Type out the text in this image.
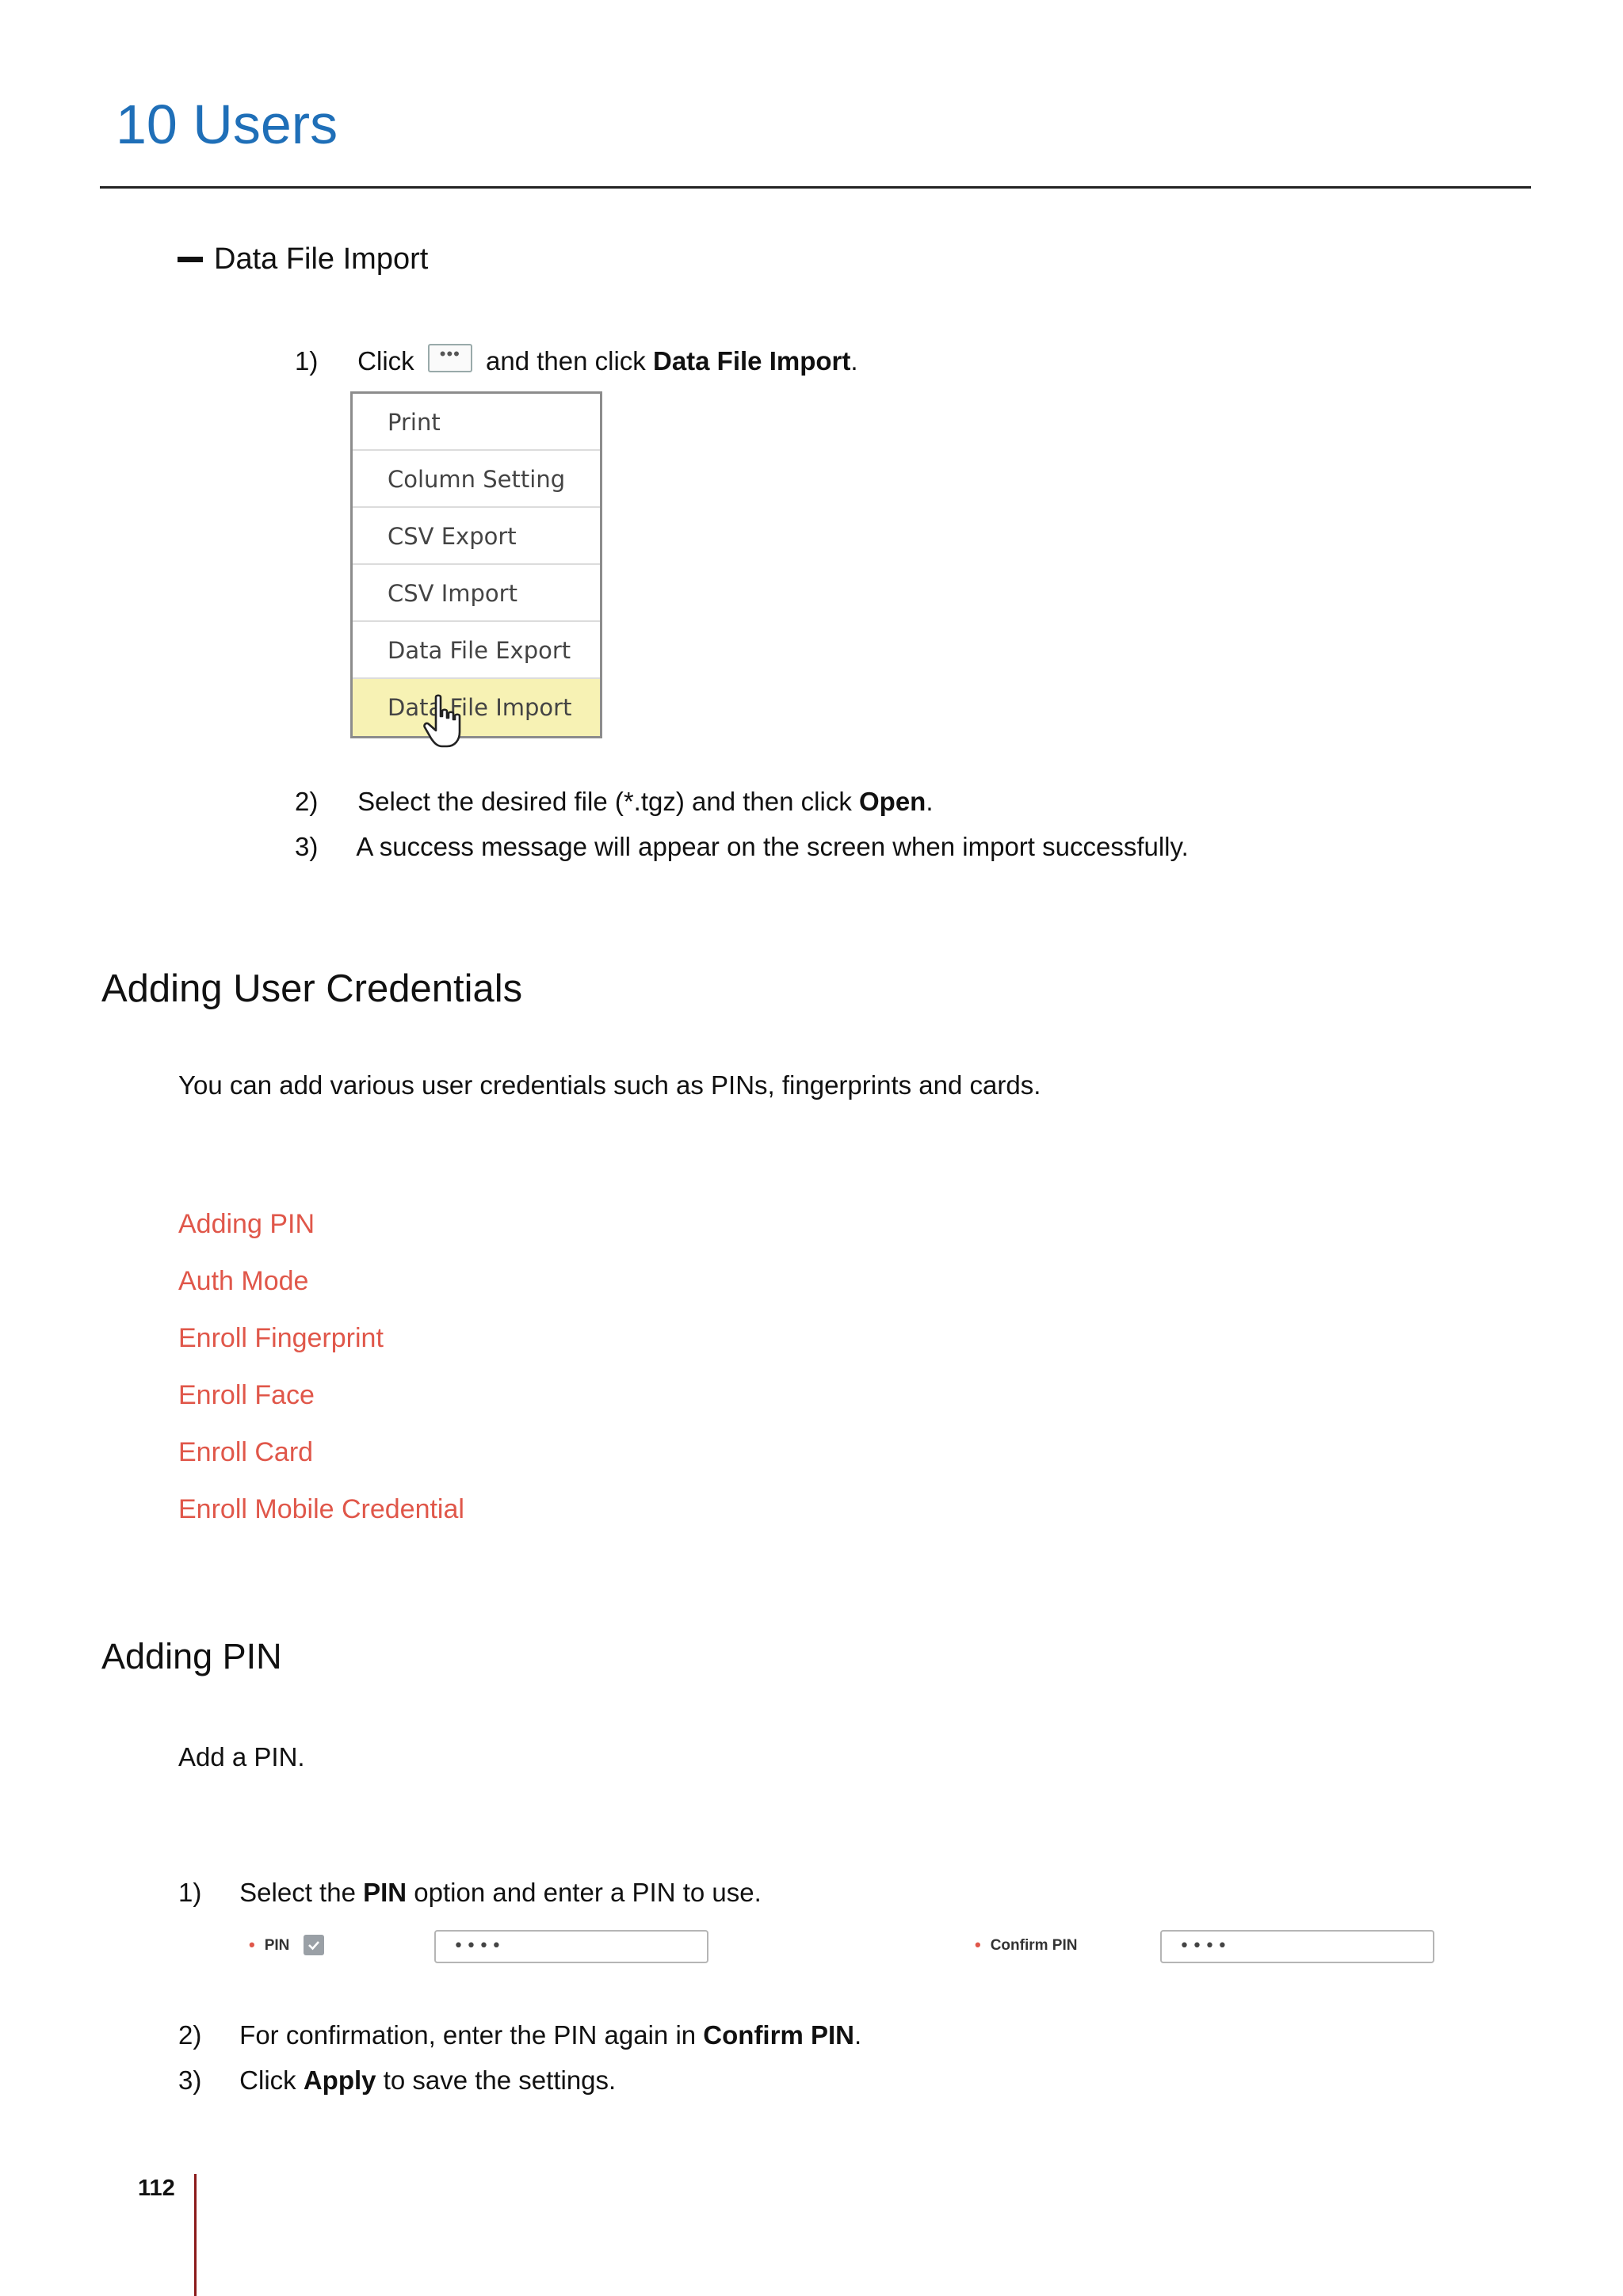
10 Users
Data File Import
1) Click ••• and then click Data File Import.
Print
Column Setting
CSV Export
CSV Import
Data File Export
Data File Import
2) Select the desired file (*.tgz) and then click Open.
3) A success message will appear on the screen when import successfully.
Adding User Credentials
You can add various user credentials such as PINs, fingerprints and cards.
Adding PIN
Auth Mode
Enroll Fingerprint
Enroll Face
Enroll Card
Enroll Mobile Credential
Adding PIN
Add a PIN.
1) Select the PIN option and enter a PIN to use.
• PIN	••••	• Confirm PIN	••••
2) For confirmation, enter the PIN again in Confirm PIN.
3) Click Apply to save the settings.
112
